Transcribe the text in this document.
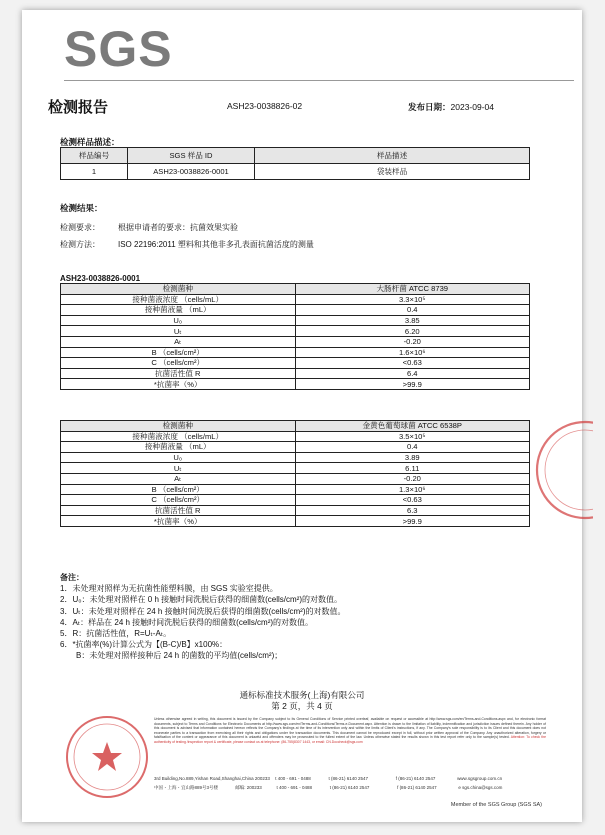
SGS
检测报告	ASH23-0038826-02	发布日期：2023-09-04
检测样品描述：
样品编号	SGS 样品 ID	样品描述
1	ASH23-0038826-0001	袋装样品
检测结果：
检测要求： 根据申请者的要求：抗菌效果实验
检测方法： ISO 22196:2011 塑料和其他非多孔表面抗菌活度的测量
ASH23-0038826-0001
检测菌种	大肠杆菌 ATCC 8739
接种菌液浓度 （cells/mL）	3.3×10⁵
接种菌液量 （mL）	0.4
U₀	3.85
Uₜ	6.20
Aₜ	-0.20
B （cells/cm²）	1.6×10⁶
C （cells/cm²）	<0.63
抗菌活性值 R	6.4
*抗菌率（%）	>99.9
检测菌种	金黄色葡萄球菌 ATCC 6538P
接种菌液浓度 （cells/mL）	3.5×10⁵
接种菌液量 （mL）	0.4
U₀	3.89
Uₜ	6.11
Aₜ	-0.20
B （cells/cm²）	1.3×10⁶
C （cells/cm²）	<0.63
抗菌活性值 R	6.3
*抗菌率（%）	>99.9
备注：
1．未处理对照样为无抗菌性能塑料膜，由 SGS 实验室提供。
2．U₀：未处理对照样在 0 h 接触时间洗脱后获得的细菌数(cells/cm²)的对数值。
3．Uₜ：未处理对照样在 24 h 接触时间洗脱后获得的细菌数(cells/cm²)的对数值。
4．Aₜ：样品在 24 h 接触时间洗脱后获得的细菌数(cells/cm²)的对数值。
5．R：抗菌活性值，R=Uₜ-Aₜ。
6．*抗菌率(%)计算公式为【(B-C)/B】x100%：
　　B：未处理对照样接种后 24 h 的菌数的平均值(cells/cm²)；
通标标准技术服务(上海)有限公司
第 2 页，共 4 页
Unless otherwise agreed in writing, this document is issued by the Company subject to its General Conditions of Service printed overleaf, available on request or accessible at http://www.sgs.com/en/Terms-and-Conditions.aspx and, for electronic format documents, subject to Terms and Conditions for Electronic Documents at http://www.sgs.com/en/Terms-and-Conditions/Terms-e-Document.aspx. Attention is drawn to the limitation of liability, indemnification and jurisdiction issues defined therein. Any holder of this document is advised that information contained hereon reflects the Company's findings at the time of its intervention only and within the limits of Client's instructions, if any. The Company's sole responsibility is to its Client and this document does not exonerate parties to a transaction from exercising all their rights and obligations under the transaction documents. This document cannot be reproduced except in full, without prior written approval of the Company. Any unauthorized alteration, forgery or falsification of the content or appearance of this document is unlawful and offenders may be prosecuted to the fullest extent of the law. Unless otherwise stated the results shown in this test report refer only to the sample(s) tested. Attention: To check the authenticity of testing /inspection report & certificate, please contact us at telephone: (86-755)8307 1443, or email: CN.Doccheck@sgs.com
3rd Building,No.889,Yishan Road,Shanghai,China 200233 t 400 - 691 - 0488	t (86-21) 6140 2547	f (86-21) 6140 2547	www.sgsgroup.com.cn
中国・上海・宜山路889号3号楼	邮编: 200233	t 400 - 691 - 0488	t (86-21) 6140 2547	f (86-21) 6140 2547	e sgs.china@sgs.com
Member of the SGS Group (SGS SA)
